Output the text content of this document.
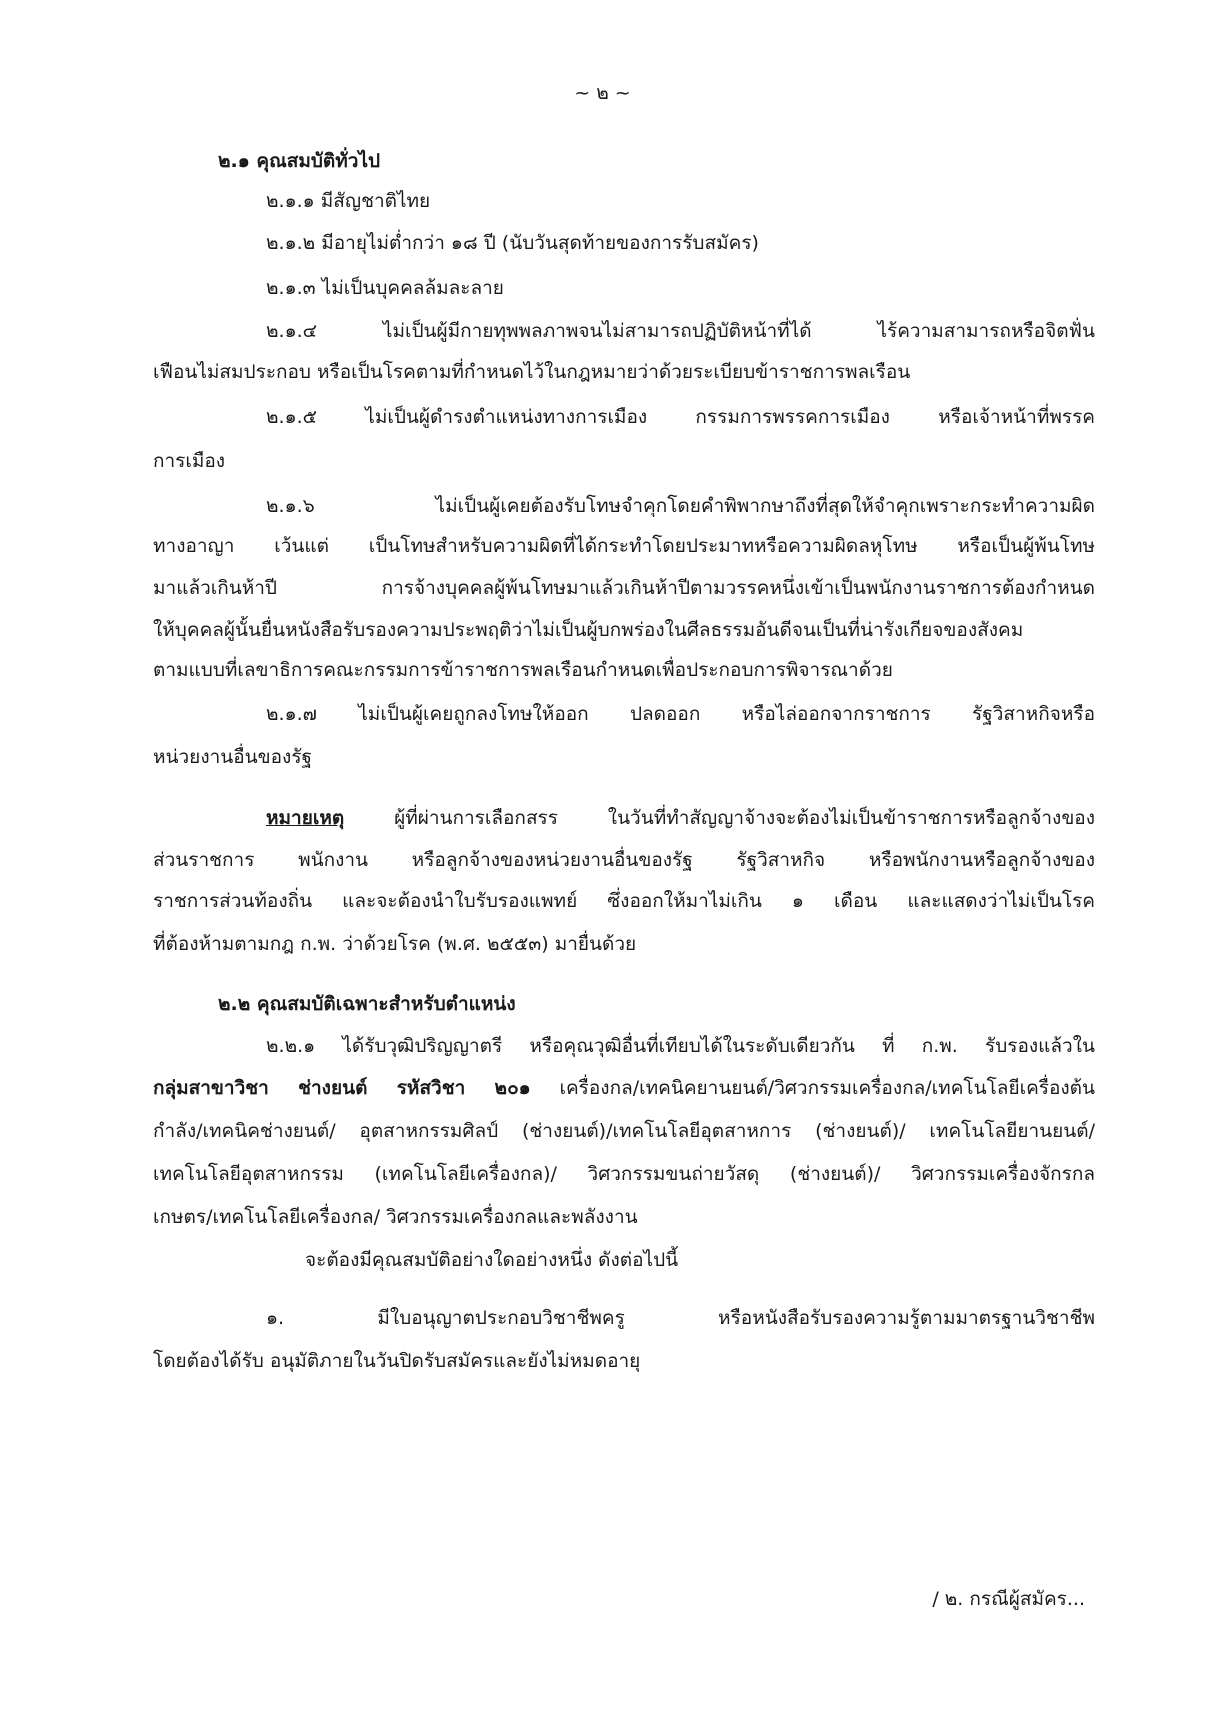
~ ๒ ~
๒.๑ คุณสมบัติทั่วไป
๒.๑.๑ มีสัญชาติไทย
๒.๑.๒ มีอายุไม่ต่ำกว่า ๑๘ ปี (นับวันสุดท้ายของการรับสมัคร)
๒.๑.๓ ไม่เป็นบุคคลล้มละลาย
๒.๑.๔ ไม่เป็นผู้มีกายทุพพลภาพจนไม่สามารถปฏิบัติหน้าที่ได้ ไร้ความสามารถหรือจิตฟั่น
เฟือนไม่สมประกอบ หรือเป็นโรคตามที่กำหนดไว้ในกฎหมายว่าด้วยระเบียบข้าราชการพลเรือน
๒.๑.๕ ไม่เป็นผู้ดำรงตำแหน่งทางการเมือง กรรมการพรรคการเมือง หรือเจ้าหน้าที่พรรค
การเมือง
๒.๑.๖ ไม่เป็นผู้เคยต้องรับโทษจำคุกโดยคำพิพากษาถึงที่สุดให้จำคุกเพราะกระทำความผิด
ทางอาญา เว้นแต่ เป็นโทษสำหรับความผิดที่ได้กระทำโดยประมาทหรือความผิดลหุโทษ หรือเป็นผู้พ้นโทษ
มาแล้วเกินห้าปี การจ้างบุคคลผู้พ้นโทษมาแล้วเกินห้าปีตามวรรคหนึ่งเข้าเป็นพนักงานราชการต้องกำหนด
ให้บุคคลผู้นั้นยื่นหนังสือรับรองความประพฤติว่าไม่เป็นผู้บกพร่องในศีลธรรมอันดีจนเป็นที่น่ารังเกียจของสังคม
ตามแบบที่เลขาธิการคณะกรรมการข้าราชการพลเรือนกำหนดเพื่อประกอบการพิจารณาด้วย
๒.๑.๗ ไม่เป็นผู้เคยถูกลงโทษให้ออก ปลดออก หรือไล่ออกจากราชการ รัฐวิสาหกิจหรือ
หน่วยงานอื่นของรัฐ
หมายเหตุ ผู้ที่ผ่านการเลือกสรร ในวันที่ทำสัญญาจ้างจะต้องไม่เป็นข้าราชการหรือลูกจ้างของ
ส่วนราชการ พนักงาน หรือลูกจ้างของหน่วยงานอื่นของรัฐ รัฐวิสาหกิจ หรือพนักงานหรือลูกจ้างของ
ราชการส่วนท้องถิ่น และจะต้องนำใบรับรองแพทย์ ซึ่งออกให้มาไม่เกิน ๑ เดือน และแสดงว่าไม่เป็นโรค
ที่ต้องห้ามตามกฎ ก.พ. ว่าด้วยโรค (พ.ศ. ๒๕๕๓) มายื่นด้วย
๒.๒ คุณสมบัติเฉพาะสำหรับตำแหน่ง
๒.๒.๑ ได้รับวุฒิปริญญาตรี หรือคุณวุฒิอื่นที่เทียบได้ในระดับเดียวกัน ที่ ก.พ. รับรองแล้วใน
กลุ่มสาขาวิชา ช่างยนต์ รหัสวิชา ๒๐๑ เครื่องกล/เทคนิคยานยนต์/วิศวกรรมเครื่องกล/เทคโนโลยีเครื่องต้น
กำลัง/เทคนิคช่างยนต์/ อุตสาหกรรมศิลป์ (ช่างยนต์)/เทคโนโลยีอุตสาหการ (ช่างยนต์)/ เทคโนโลยียานยนต์/
เทคโนโลยีอุตสาหกรรม (เทคโนโลยีเครื่องกล)/ วิศวกรรมขนถ่ายวัสดุ (ช่างยนต์)/ วิศวกรรมเครื่องจักรกล
เกษตร/เทคโนโลยีเครื่องกล/ วิศวกรรมเครื่องกลและพลังงาน
จะต้องมีคุณสมบัติอย่างใดอย่างหนึ่ง ดังต่อไปนี้
๑. มีใบอนุญาตประกอบวิชาชีพครู หรือหนังสือรับรองความรู้ตามมาตรฐานวิชาชีพ
โดยต้องได้รับ อนุมัติภายในวันปิดรับสมัครและยังไม่หมดอายุ
/ ๒. กรณีผู้สมัคร...
